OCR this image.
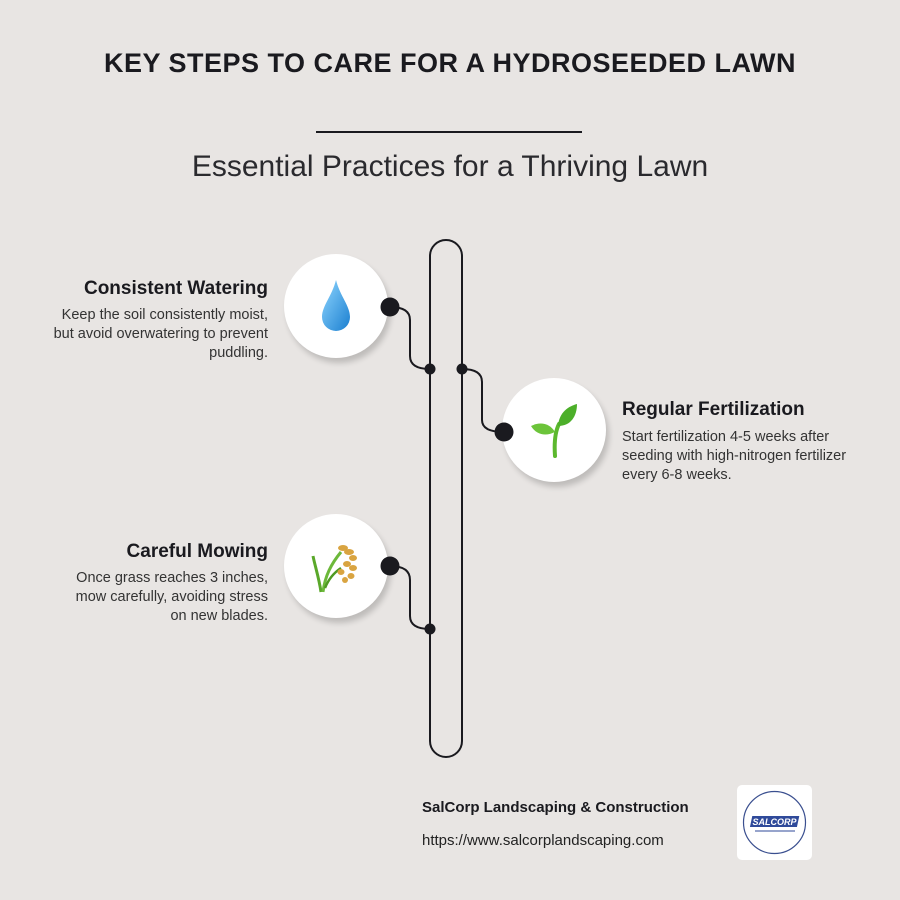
KEY STEPS TO CARE FOR A HYDROSEEDED LAWN
Essential Practices for a Thriving Lawn
Consistent Watering
Keep the soil consistently moist, but avoid overwatering to prevent puddling.
Regular Fertilization
Start fertilization 4-5 weeks after seeding with high-nitrogen fertilizer every 6-8 weeks.
Careful Mowing
Once grass reaches 3 inches, mow carefully, avoiding stress on new blades.
SalCorp Landscaping & Construction
https://www.salcorplandscaping.com
SALCORP
